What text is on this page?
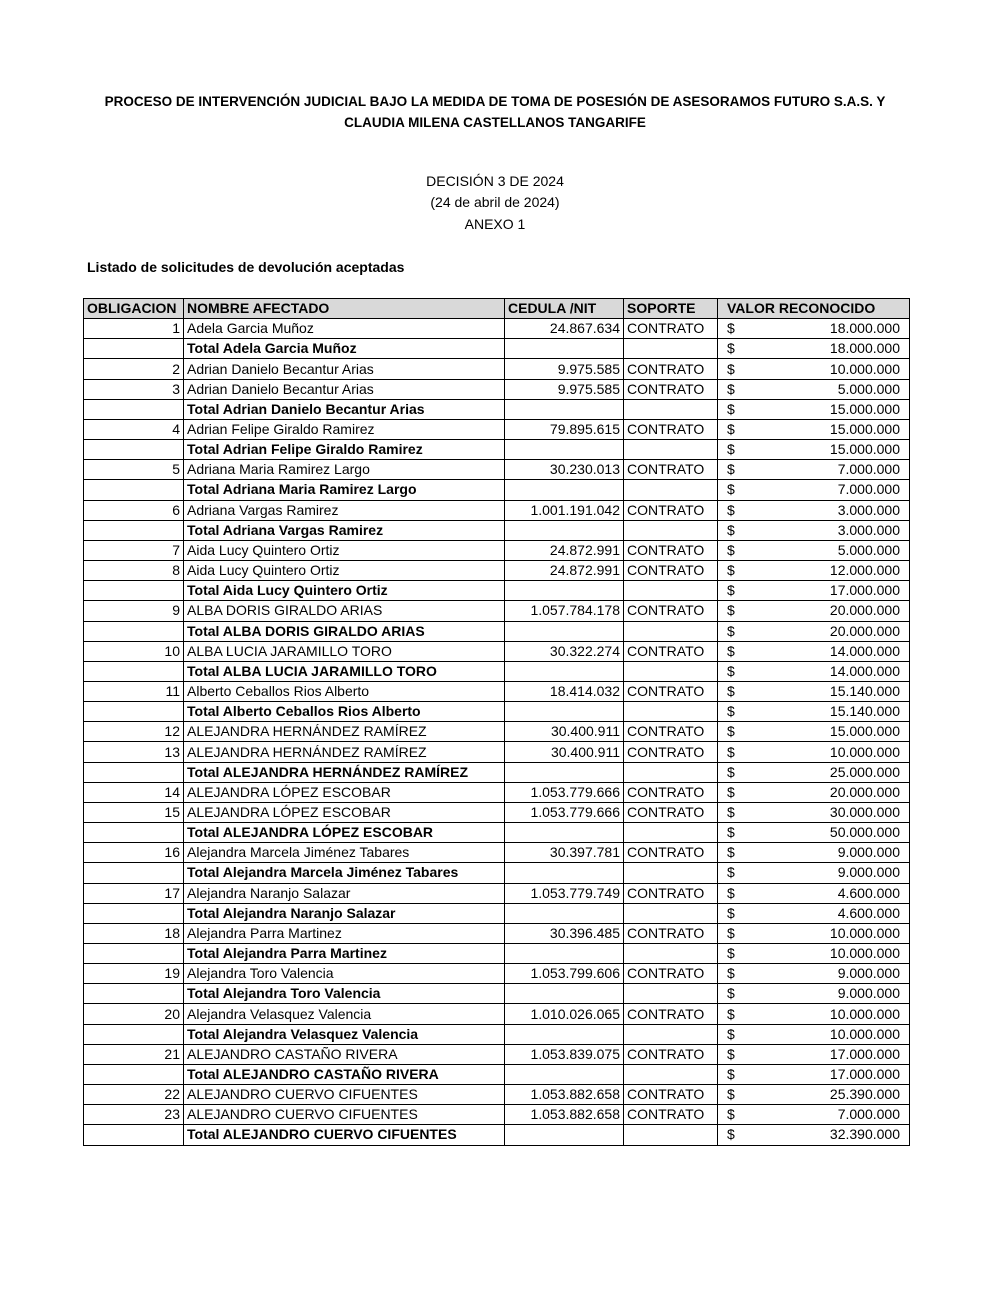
PROCESO DE INTERVENCIÓN JUDICIAL BAJO LA MEDIDA DE TOMA DE POSESIÓN DE ASESORAMOS FUTURO S.A.S. Y
CLAUDIA MILENA CASTELLANOS TANGARIFE
DECISIÓN 3 DE 2024
(24 de abril de 2024)
ANEXO 1
Listado de solicitudes de devolución aceptadas
OBLIGACION	NOMBRE AFECTADO	CEDULA /NIT	SOPORTE	VALOR RECONOCIDO
1	Adela Garcia Muñoz	24.867.634	CONTRATO	$ 18.000.000

	Total Adela Garcia Muñoz			$ 18.000.000

2	Adrian Danielo Becantur Arias	9.975.585	CONTRATO	$ 10.000.000

3	Adrian Danielo Becantur Arias	9.975.585	CONTRATO	$ 5.000.000

	Total Adrian Danielo Becantur Arias			$ 15.000.000

4	Adrian Felipe Giraldo Ramirez	79.895.615	CONTRATO	$ 15.000.000

	Total Adrian Felipe Giraldo Ramirez			$ 15.000.000

5	Adriana Maria Ramirez Largo	30.230.013	CONTRATO	$ 7.000.000

	Total Adriana Maria Ramirez Largo			$ 7.000.000

6	Adriana Vargas Ramirez	1.001.191.042	CONTRATO	$ 3.000.000

	Total Adriana Vargas Ramirez			$ 3.000.000

7	Aida Lucy Quintero Ortiz	24.872.991	CONTRATO	$ 5.000.000

8	Aida Lucy Quintero Ortiz	24.872.991	CONTRATO	$ 12.000.000

	Total Aida Lucy Quintero Ortiz			$ 17.000.000

9	ALBA DORIS GIRALDO ARIAS	1.057.784.178	CONTRATO	$ 20.000.000

	Total ALBA DORIS GIRALDO ARIAS			$ 20.000.000

10	ALBA LUCIA JARAMILLO TORO	30.322.274	CONTRATO	$ 14.000.000

	Total ALBA LUCIA JARAMILLO TORO			$ 14.000.000

11	Alberto Ceballos Rios Alberto	18.414.032	CONTRATO	$ 15.140.000

	Total Alberto Ceballos Rios Alberto			$ 15.140.000

12	ALEJANDRA HERNÁNDEZ RAMÍREZ	30.400.911	CONTRATO	$ 15.000.000

13	ALEJANDRA HERNÁNDEZ RAMÍREZ	30.400.911	CONTRATO	$ 10.000.000

	Total ALEJANDRA HERNÁNDEZ RAMÍREZ			$ 25.000.000

14	ALEJANDRA LÓPEZ ESCOBAR	1.053.779.666	CONTRATO	$ 20.000.000

15	ALEJANDRA LÓPEZ ESCOBAR	1.053.779.666	CONTRATO	$ 30.000.000

	Total ALEJANDRA LÓPEZ ESCOBAR			$ 50.000.000

16	Alejandra Marcela Jiménez Tabares	30.397.781	CONTRATO	$ 9.000.000

	Total Alejandra Marcela Jiménez Tabares			$ 9.000.000

17	Alejandra Naranjo Salazar	1.053.779.749	CONTRATO	$ 4.600.000

	Total Alejandra Naranjo Salazar			$ 4.600.000

18	Alejandra Parra Martinez	30.396.485	CONTRATO	$ 10.000.000

	Total Alejandra Parra Martinez			$ 10.000.000

19	Alejandra Toro Valencia	1.053.799.606	CONTRATO	$ 9.000.000

	Total Alejandra Toro Valencia			$ 9.000.000

20	Alejandra Velasquez Valencia	1.010.026.065	CONTRATO	$ 10.000.000

	Total Alejandra Velasquez Valencia			$ 10.000.000

21	ALEJANDRO CASTAÑO RIVERA	1.053.839.075	CONTRATO	$ 17.000.000

	Total ALEJANDRO CASTAÑO RIVERA			$ 17.000.000

22	ALEJANDRO CUERVO CIFUENTES	1.053.882.658	CONTRATO	$ 25.390.000

23	ALEJANDRO CUERVO CIFUENTES	1.053.882.658	CONTRATO	$ 7.000.000

	Total ALEJANDRO CUERVO CIFUENTES			$ 32.390.000
